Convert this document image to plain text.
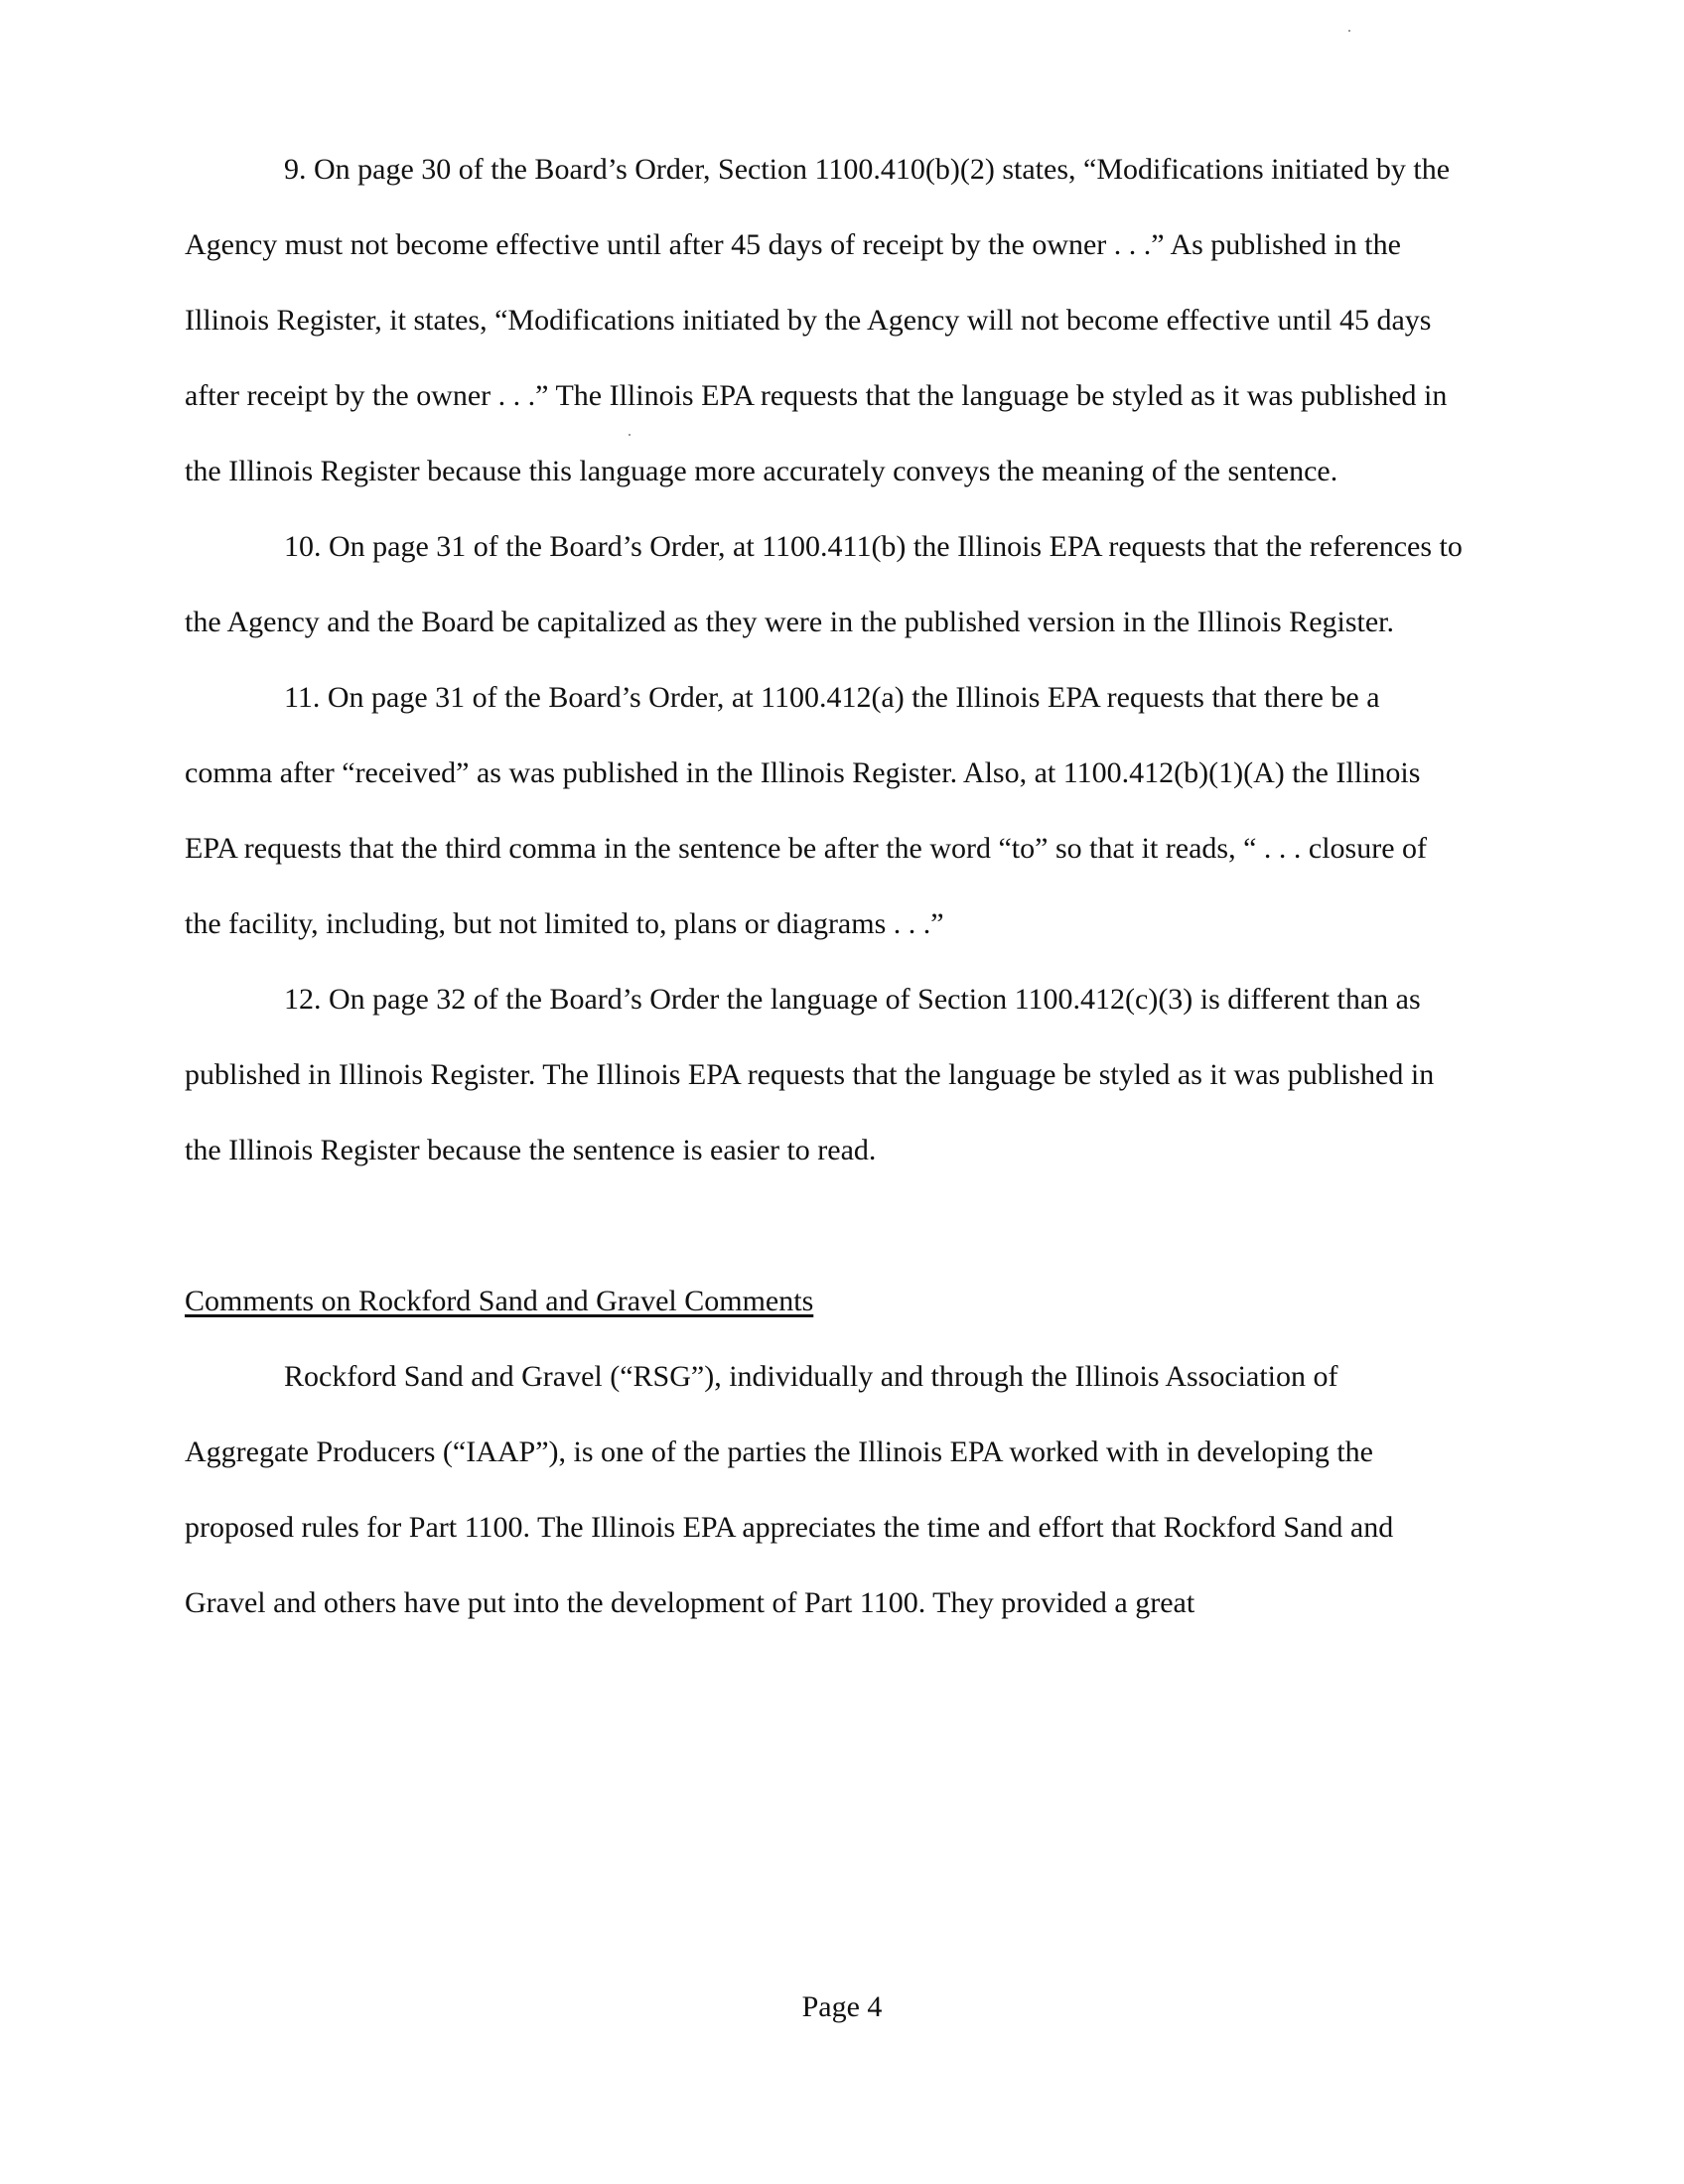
9. On page 30 of the Board’s Order, Section 1100.410(b)(2) states, “Modifications initiated by the Agency must not become effective until after 45 days of receipt by the owner . . .” As published in the Illinois Register, it states, “Modifications initiated by the Agency will not become effective until 45 days after receipt by the owner . . .” The Illinois EPA requests that the language be styled as it was published in the Illinois Register because this language more accurately conveys the meaning of the sentence.

10. On page 31 of the Board’s Order, at 1100.411(b) the Illinois EPA requests that the references to the Agency and the Board be capitalized as they were in the published version in the Illinois Register.

11. On page 31 of the Board’s Order, at 1100.412(a) the Illinois EPA requests that there be a comma after “received” as was published in the Illinois Register. Also, at 1100.412(b)(1)(A) the Illinois EPA requests that the third comma in the sentence be after the word “to” so that it reads, “ . . . closure of the facility, including, but not limited to, plans or diagrams . . .”

12. On page 32 of the Board’s Order the language of Section 1100.412(c)(3) is different than as published in Illinois Register. The Illinois EPA requests that the language be styled as it was published in the Illinois Register because the sentence is easier to read.

Comments on Rockford Sand and Gravel Comments

Rockford Sand and Gravel (“RSG”), individually and through the Illinois Association of Aggregate Producers (“IAAP”), is one of the parties the Illinois EPA worked with in developing the proposed rules for Part 1100. The Illinois EPA appreciates the time and effort that Rockford Sand and Gravel and others have put into the development of Part 1100. They provided a great

Page 4
